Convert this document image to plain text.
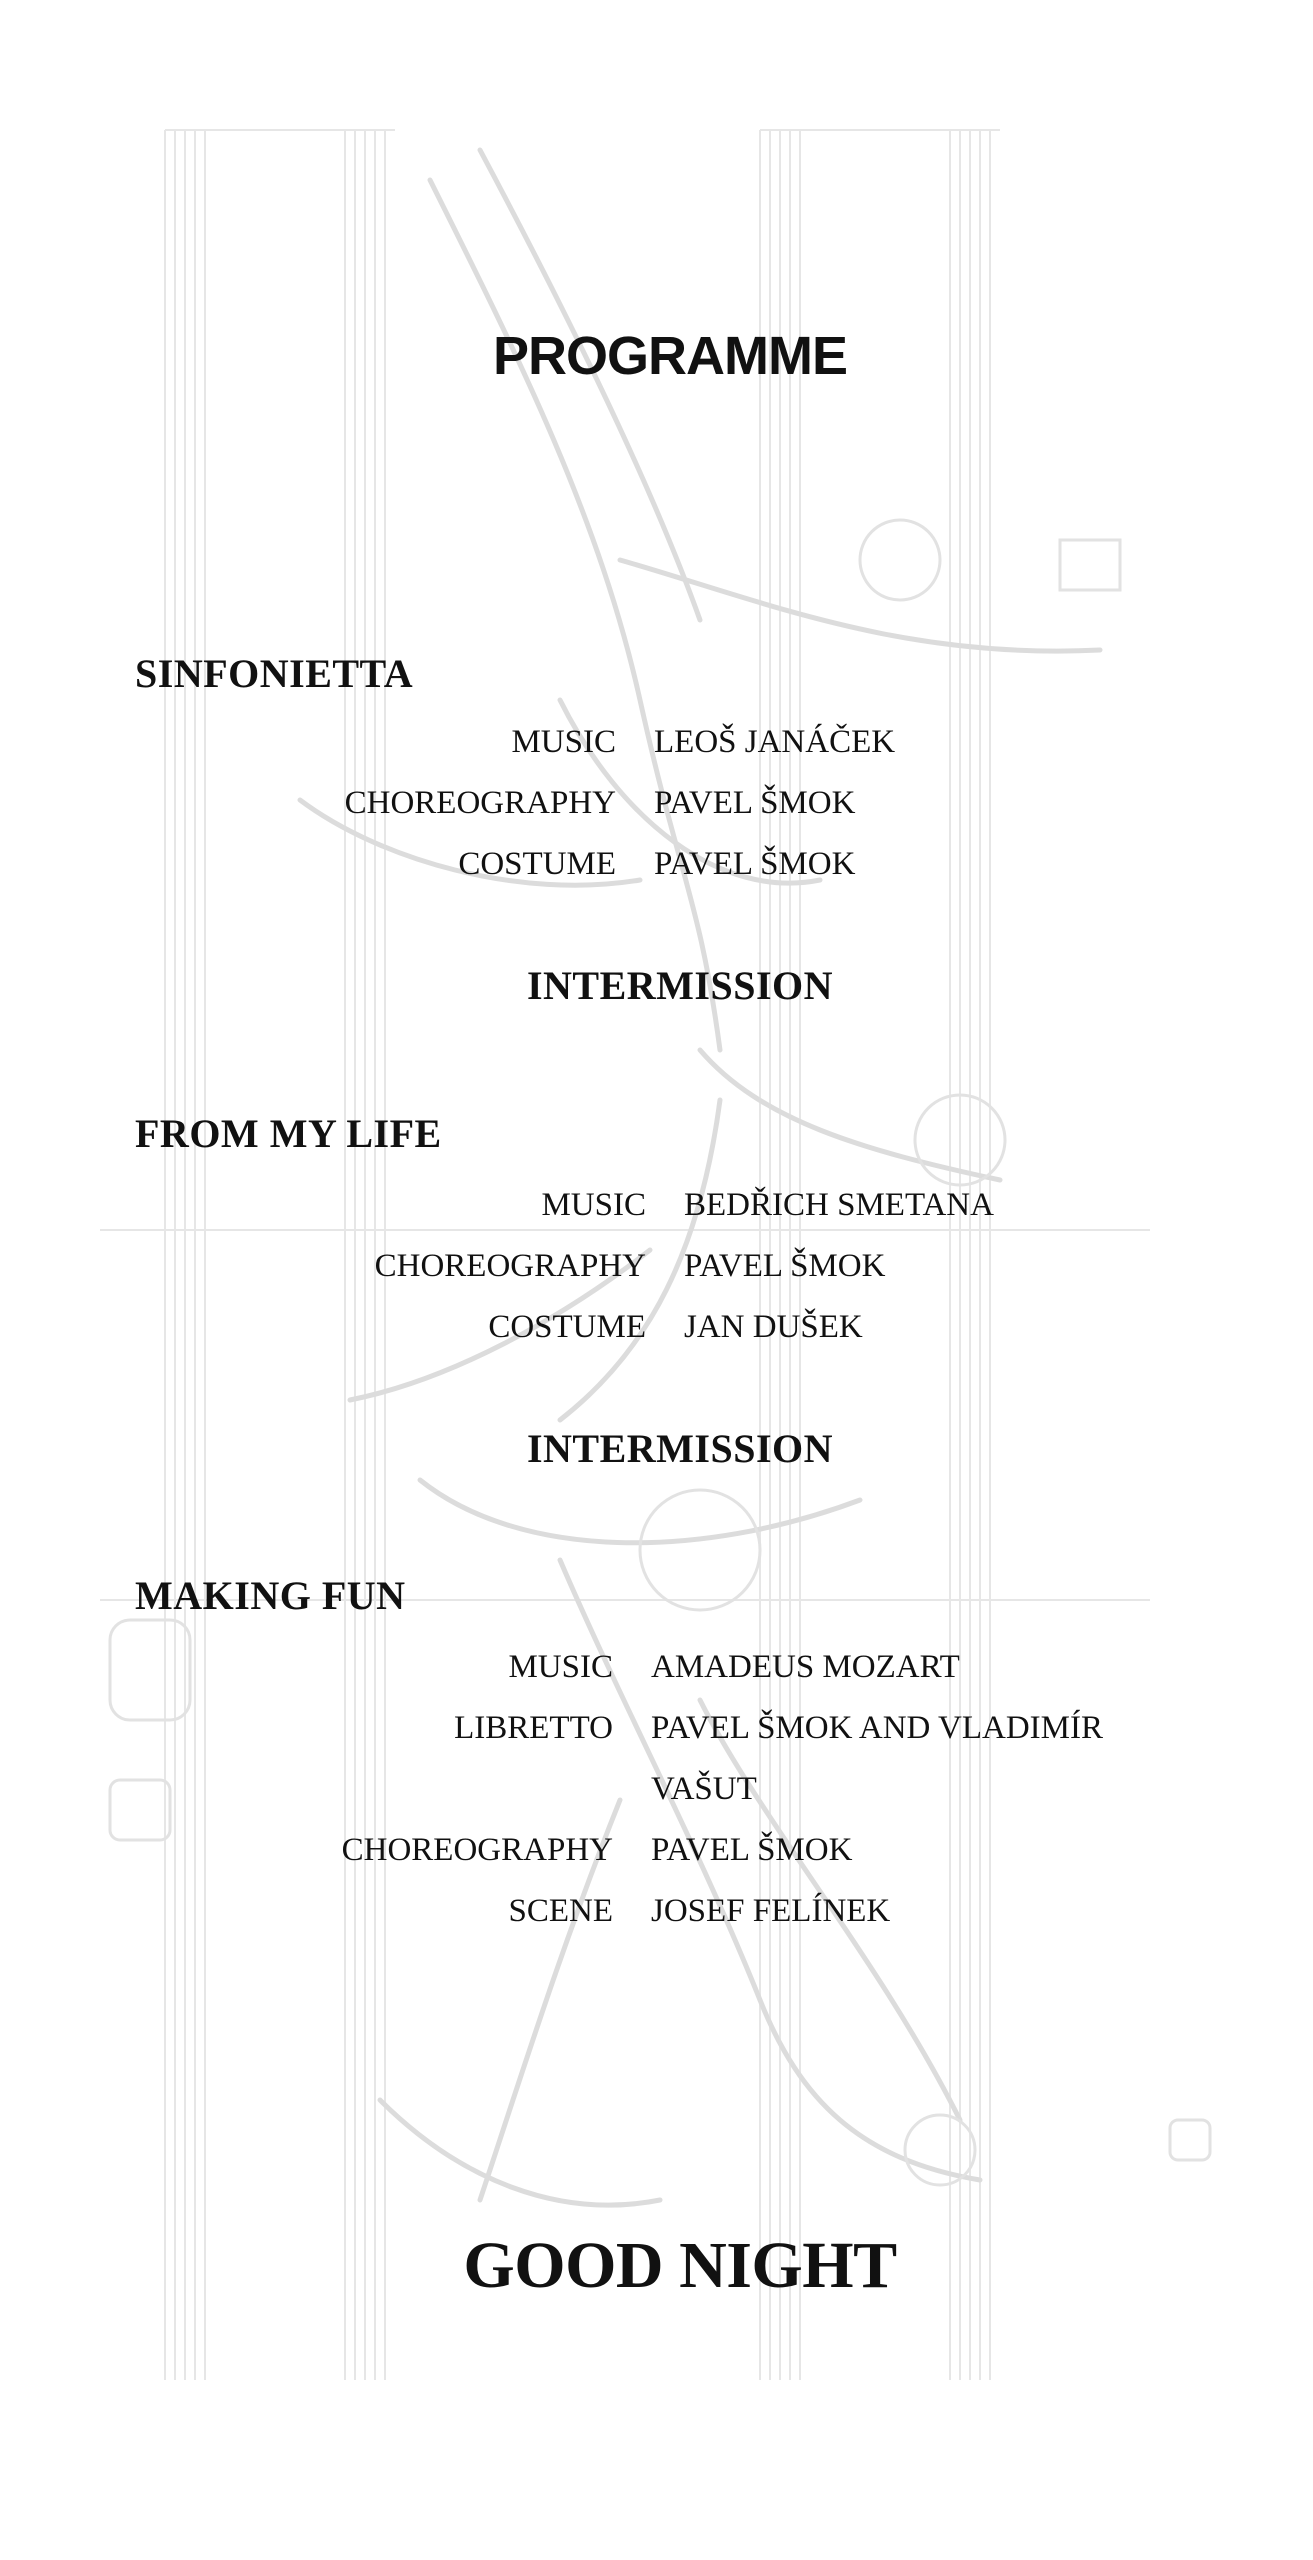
PROGRAMME
SINFONIETTA
MUSIC	LEOŠ JANÁČEK
CHOREOGRAPHY	PAVEL ŠMOK
COSTUME	PAVEL ŠMOK
INTERMISSION
FROM MY LIFE
MUSIC	BEDŘICH SMETANA
CHOREOGRAPHY	PAVEL ŠMOK
COSTUME	JAN DUŠEK
INTERMISSION
MAKING FUN
MUSIC	AMADEUS MOZART
LIBRETTO	PAVEL ŠMOK AND VLADIMÍR VAŠUT
CHOREOGRAPHY	PAVEL ŠMOK
SCENE	JOSEF FELÍNEK
GOOD NIGHT
